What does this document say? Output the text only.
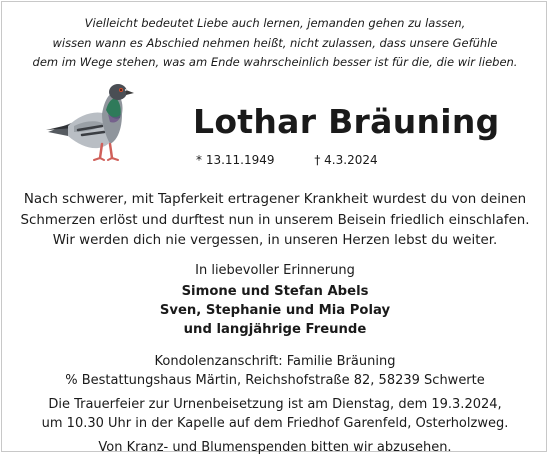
Vielleicht bedeutet Liebe auch lernen, jemanden gehen zu lassen,
wissen wann es Abschied nehmen heißt, nicht zulassen, dass unsere Gefühle
dem im Wege stehen, was am Ende wahrscheinlich besser ist für die, die wir lieben.
Lothar Bräuning
* 13.11.1949	† 4.3.2024
Nach schwerer, mit Tapferkeit ertragener Krankheit wurdest du von deinen
Schmerzen erlöst und durftest nun in unserem Beisein friedlich einschlafen.
Wir werden dich nie vergessen, in unseren Herzen lebst du weiter.
In liebevoller Erinnerung
Simone und Stefan Abels
Sven, Stephanie und Mia Polay
und langjährige Freunde
Kondolenzanschrift: Familie Bräuning
% Bestattungshaus Märtin, Reichshofstraße 82, 58239 Schwerte
Die Trauerfeier zur Urnenbeisetzung ist am Dienstag, dem 19.3.2024,
um 10.30 Uhr in der Kapelle auf dem Friedhof Garenfeld, Osterholzweg.
Von Kranz- und Blumenspenden bitten wir abzusehen.
